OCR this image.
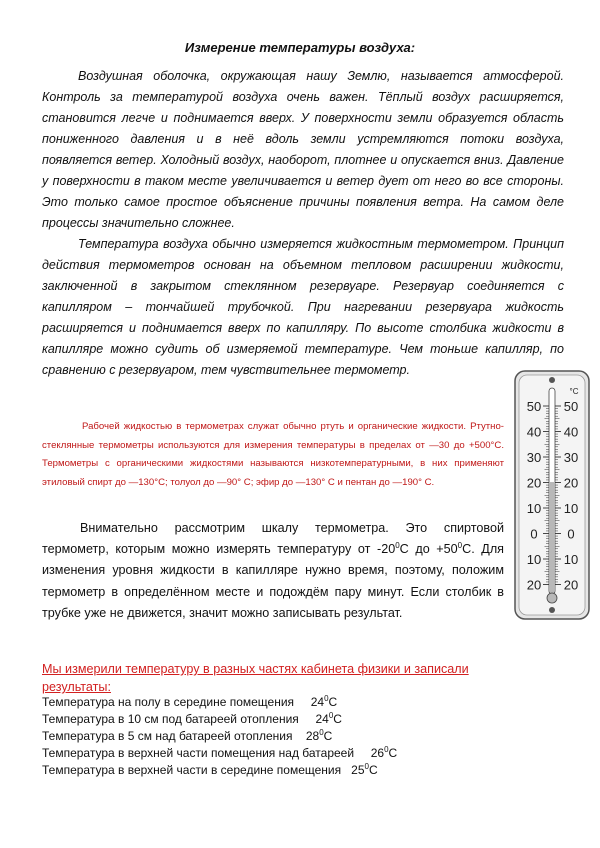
Измерение температуры воздуха:

Воздушная оболочка, окружающая нашу Землю, называется атмосферой. Контроль за температурой воздуха очень важен. Тёплый воздух расширяется, становится легче и поднимается вверх. У поверхности земли образуется область пониженного давления и в неё вдоль земли устремляются потоки воздуха, появляется ветер. Холодный воздух, наоборот, плотнее и опускается вниз. Давление у поверхности в таком месте увеличивается и ветер дует от него во все стороны. Это только самое простое объяснение причины появления ветра. На самом деле процессы значительно сложнее.

Температура воздуха обычно измеряется жидкостным термометром. Принцип действия термометров основан на объемном тепловом расширении жидкости, заключенной в закрытом стеклянном резервуаре. Резервуар соединяется с капилляром – тончайшей трубочкой. При нагревании резервуара жидкость расширяется и поднимается вверх по капилляру. По высоте столбика жидкости в капилляре можно судить об измеряемой температуре. Чем тоньше капилляр, по сравнению с резервуаром, тем чувствительнее термометр.

Рабочей жидкостью в термометрах служат обычно ртуть и органические жидкости. Ртутно-стеклянные термометры используются для измерения температуры в пределах от —30 до +500°С. Термометры с органическими жидкостями называются низкотемпературными, в них применяют этиловый спирт до —130°С; толуол до —90° С; эфир до —130° С и пентан до —190° С.

Внимательно рассмотрим шкалу термометра. Это спиртовой термометр, которым можно измерять температуру от $-20^0С$ до $+50^0С$. Для изменения уровня жидкости в капилляре нужно время, поэтому, положим термометр в определённом месте и подождём пару минут. Если столбик в трубке уже не движется, значит можно записывать результат.

Мы измерили температуру в разных частях кабинета физики и записали результаты:

Температура на полу в середине помещения $24^0С$
Температура в 10 см под батареей отопления $24^0С$
Температура в 5 см над батареей отопления $28^0С$
Температура в верхней части помещения над батареей $26^0С$
Температура в верхней части в середине помещения $25^0С$
°C
50
40
30
20
10
0
10
20
50
40
30
20
10
0
10
20
